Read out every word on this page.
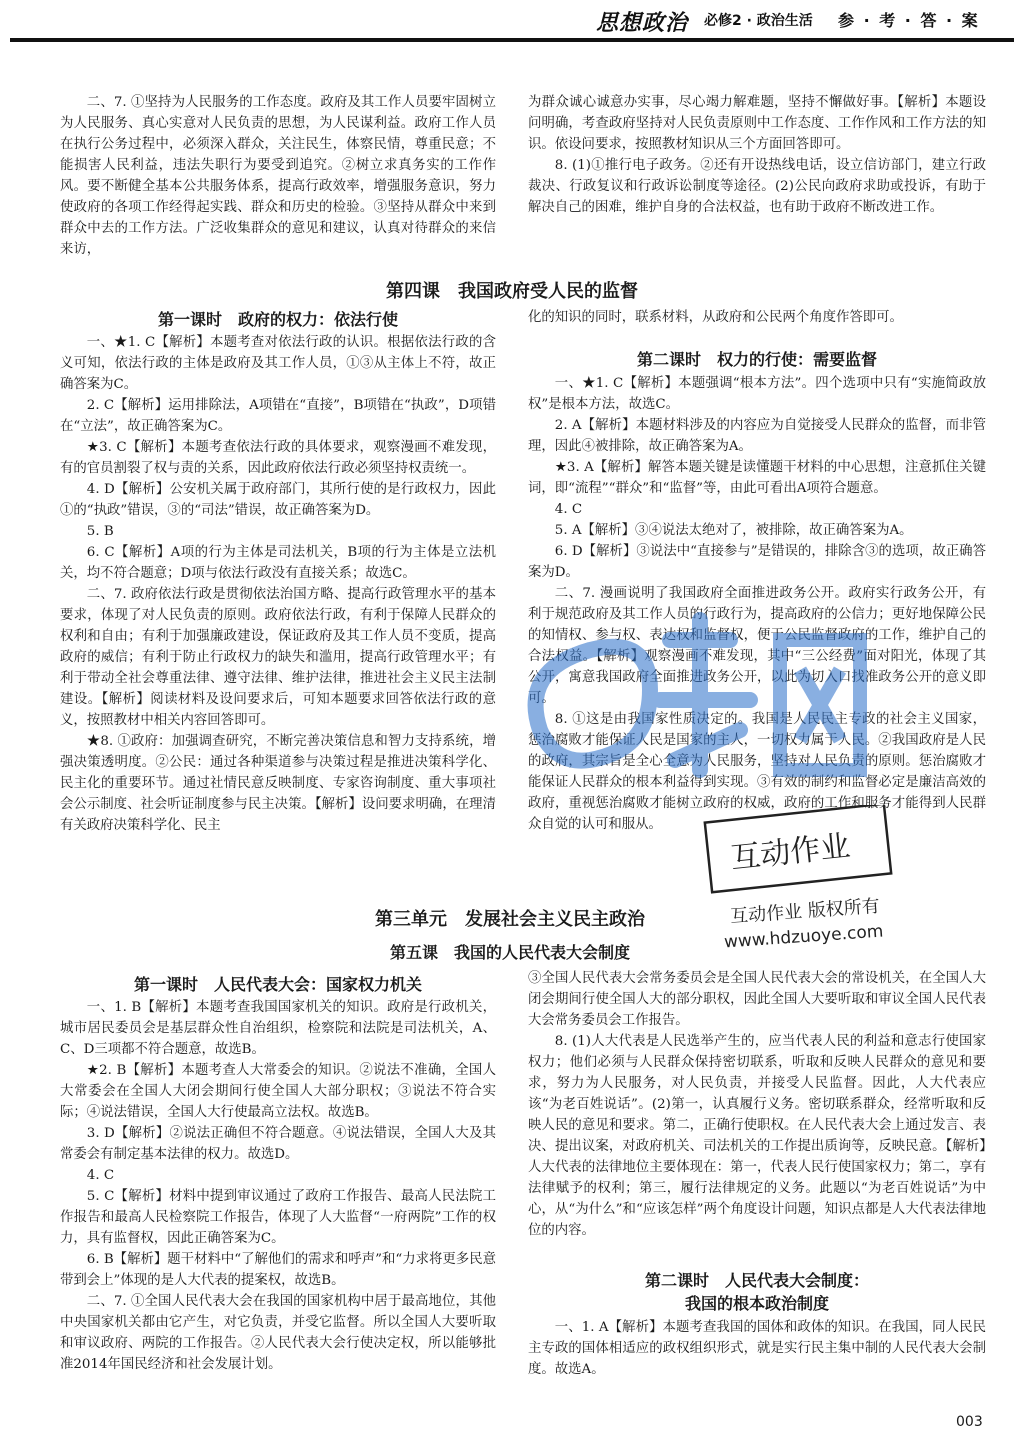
思想政治 必修2 · 政治生活 参 · 考 · 答 · 案

二、7. ①坚持为人民服务的工作态度。政府及其工作人员要牢固树立为人民服务、真心实意对人民负责的思想，为人民谋利益。政府工作人员在执行公务过程中，必须深入群众，关注民生，体察民情，尊重民意；不能损害人民利益，违法失职行为要受到追究。②树立求真务实的工作作风。要不断健全基本公共服务体系，提高行政效率，增强服务意识，努力使政府的各项工作经得起实践、群众和历史的检验。③坚持从群众中来到群众中去的工作方法。广泛收集群众的意见和建议，认真对待群众的来信来访，

为群众诚心诚意办实事，尽心竭力解难题，坚持不懈做好事。【解析】本题设问明确，考查政府坚持对人民负责原则中工作态度、工作作风和工作方法的知识。依设问要求，按照教材知识从三个方面回答即可。

8. (1)①推行电子政务。②还有开设热线电话，设立信访部门，建立行政裁决、行政复议和行政诉讼制度等途径。(2)公民向政府求助或投诉，有助于解决自己的困难，维护自身的合法权益，也有助于政府不断改进工作。

第四课　我国政府受人民的监督
第一课时　政府的权力：依法行使

一、★1. C【解析】本题考查对依法行政的认识。根据依法行政的含义可知，依法行政的主体是政府及其工作人员，①③从主体上不符，故正确答案为C。

2. C【解析】运用排除法，A项错在“直接”，B项错在“执政”，D项错在“立法”，故正确答案为C。

★3. C【解析】本题考查依法行政的具体要求，观察漫画不难发现，有的官员割裂了权与责的关系，因此政府依法行政必须坚持权责统一。

4. D【解析】公安机关属于政府部门，其所行使的是行政权力，因此①的“执政”错误，③的“司法”错误，故正确答案为D。

5. B

6. C【解析】A项的行为主体是司法机关，B项的行为主体是立法机关，均不符合题意；D项与依法行政没有直接关系；故选C。

二、7. 政府依法行政是贯彻依法治国方略、提高行政管理水平的基本要求，体现了对人民负责的原则。政府依法行政，有利于保障人民群众的权利和自由；有利于加强廉政建设，保证政府及其工作人员不变质，提高政府的威信；有利于防止行政权力的缺失和滥用，提高行政管理水平；有利于带动全社会尊重法律、遵守法律、维护法律，推进社会主义民主法制建设。【解析】阅读材料及设问要求后，可知本题要求回答依法行政的意义，按照教材中相关内容回答即可。

★8. ①政府：加强调查研究，不断完善决策信息和智力支持系统，增强决策透明度。②公民：通过各种渠道参与决策过程是推进决策科学化、民主化的重要环节。通过社情民意反映制度、专家咨询制度、重大事项社会公示制度、社会听证制度参与民主决策。【解析】设问要求明确，在理清有关政府决策科学化、民主

化的知识的同时，联系材料，从政府和公民两个角度作答即可。

第二课时　权力的行使：需要监督

一、★1. C【解析】本题强调“根本方法”。四个选项中只有“实施简政放权”是根本方法，故选C。

2. A【解析】本题材料涉及的内容应为自觉接受人民群众的监督，而非管理，因此④被排除，故正确答案为A。

★3. A【解析】解答本题关键是读懂题干材料的中心思想，注意抓住关键词，即“流程”“群众”和“监督”等，由此可看出A项符合题意。

4. C

5. A【解析】③④说法太绝对了，被排除，故正确答案为A。

6. D【解析】③说法中“直接参与”是错误的，排除含③的选项，故正确答案为D。

二、7. 漫画说明了我国政府全面推进政务公开。政府实行政务公开，有利于规范政府及其工作人员的行政行为，提高政府的公信力；更好地保障公民的知情权、参与权、表达权和监督权，便于公民监督政府的工作，维护自己的合法权益。【解析】观察漫画不难发现，其中“三公经费”面对阳光，体现了其公开，寓意我国政府全面推进政务公开，以此为切入口找准政务公开的意义即可。

8. ①这是由我国家性质决定的。我国是人民民主专政的社会主义国家，惩治腐败才能保证人民是国家的主人，一切权力属于人民。②我国政府是人民的政府，其宗旨是全心全意为人民服务，坚持对人民负责的原则。惩治腐败才能保证人民群众的根本利益得到实现。③有效的制约和监督必定是廉洁高效的政府，重视惩治腐败才能树立政府的权威，政府的工作和服务才能得到人民群众自觉的认可和服从。

第三单元　发展社会主义民主政治
第五课　我国的人民代表大会制度
第一课时　人民代表大会：国家权力机关

一、1. B【解析】本题考查我国国家机关的知识。政府是行政机关，城市居民委员会是基层群众性自治组织，检察院和法院是司法机关，A、C、D三项都不符合题意，故选B。

★2. B【解析】本题考查人大常委会的知识。②说法不准确，全国人大常委会在全国人大闭会期间行使全国人大部分职权；③说法不符合实际；④说法错误，全国人大行使最高立法权。故选B。

3. D【解析】②说法正确但不符合题意。④说法错误，全国人大及其常委会有制定基本法律的权力。故选D。

4. C

5. C【解析】材料中提到审议通过了政府工作报告、最高人民法院工作报告和最高人民检察院工作报告，体现了人大监督“一府两院”工作的权力，具有监督权，因此正确答案为C。

6. B【解析】题干材料中“了解他们的需求和呼声”和“力求将更多民意带到会上”体现的是人大代表的提案权，故选B。

二、7. ①全国人民代表大会在我国的国家机构中居于最高地位，其他中央国家机关都由它产生，对它负责，并受它监督。所以全国人大要听取和审议政府、两院的工作报告。②人民代表大会行使决定权，所以能够批准2014年国民经济和社会发展计划。

③全国人民代表大会常务委员会是全国人民代表大会的常设机关，在全国人大闭会期间行使全国人大的部分职权，因此全国人大要听取和审议全国人民代表大会常务委员会工作报告。

8. (1)人大代表是人民选举产生的，应当代表人民的利益和意志行使国家权力；他们必须与人民群众保持密切联系，听取和反映人民群众的意见和要求，努力为人民服务，对人民负责，并接受人民监督。因此，人大代表应该“为老百姓说话”。(2)第一，认真履行义务。密切联系群众，经常听取和反映人民的意见和要求。第二，正确行使职权。在人民代表大会上通过发言、表决、提出议案，对政府机关、司法机关的工作提出质询等，反映民意。【解析】人大代表的法律地位主要体现在：第一，代表人民行使国家权力；第二，享有法律赋予的权利；第三，履行法律规定的义务。此题以“为老百姓说话”为中心，从“为什么”和“应该怎样”两个角度设计问题，知识点都是人大代表法律地位的内容。

第二课时　人民代表大会制度：
我国的根本政治制度

一、1. A【解析】本题考查我国的国体和政体的知识。在我国，同人民民主专政的国体相适应的政权组织形式，就是实行民主集中制的人民代表大会制度。故选A。

互动作业
互动作业 版权所有
www.hdzuoye.com
003
